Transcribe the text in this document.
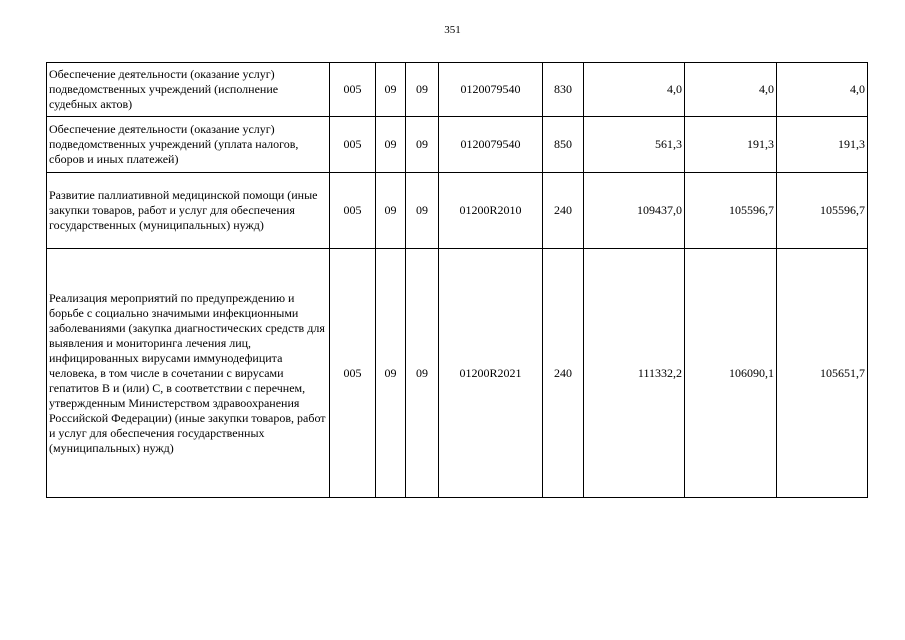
351
Обеспечение деятельности (оказание услуг) подведомственных учреждений (исполнение судебных актов)	005	09	09	0120079540	830	4,0	4,0	4,0
Обеспечение деятельности (оказание услуг) подведомственных учреждений (уплата налогов, сборов и иных платежей)	005	09	09	0120079540	850	561,3	191,3	191,3
Развитие паллиативной медицинской помощи (иные закупки товаров, работ и услуг для обеспечения государственных (муниципальных) нужд)	005	09	09	01200R2010	240	109437,0	105596,7	105596,7
Реализация мероприятий по предупреждению и борьбе с социально значимыми инфекционными заболеваниями (закупка диагностических средств для выявления и мониторинга лечения лиц, инфицированных вирусами иммунодефицита человека, в том числе в сочетании с вирусами гепатитов B и (или) C, в соответствии с перечнем, утвержденным Министерством здравоохранения Российской Федерации) (иные закупки товаров, работ и услуг для обеспечения государственных (муниципальных) нужд)	005	09	09	01200R2021	240	111332,2	106090,1	105651,7
